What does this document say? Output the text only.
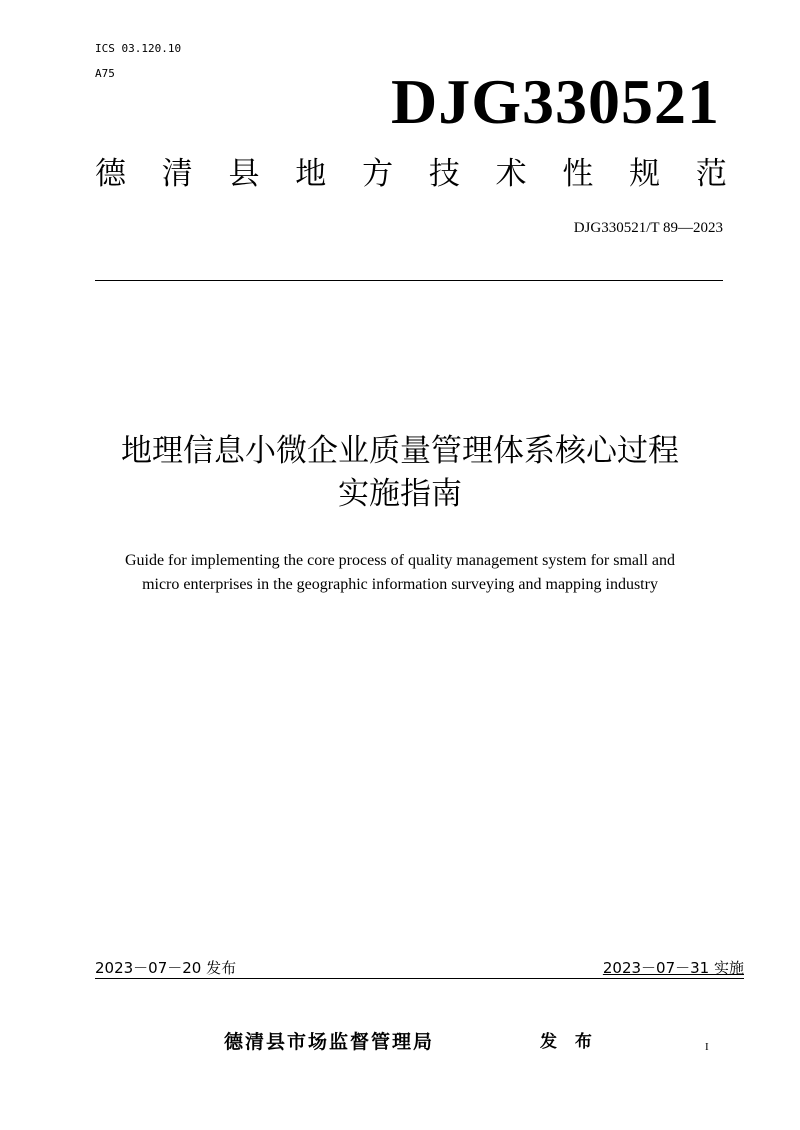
ICS 03.120.10
A75	DJG330521
德 清 县 地 方 技 术 性 规 范
DJG330521/T 89—2023
地理信息小微企业质量管理体系核心过程
实施指南
Guide for implementing the core process of quality management system for small and
micro enterprises in the geographic information surveying and mapping industry
2023－07－20 发布	2023－07－31 实施
德清县市场监督管理局	发 布	I
